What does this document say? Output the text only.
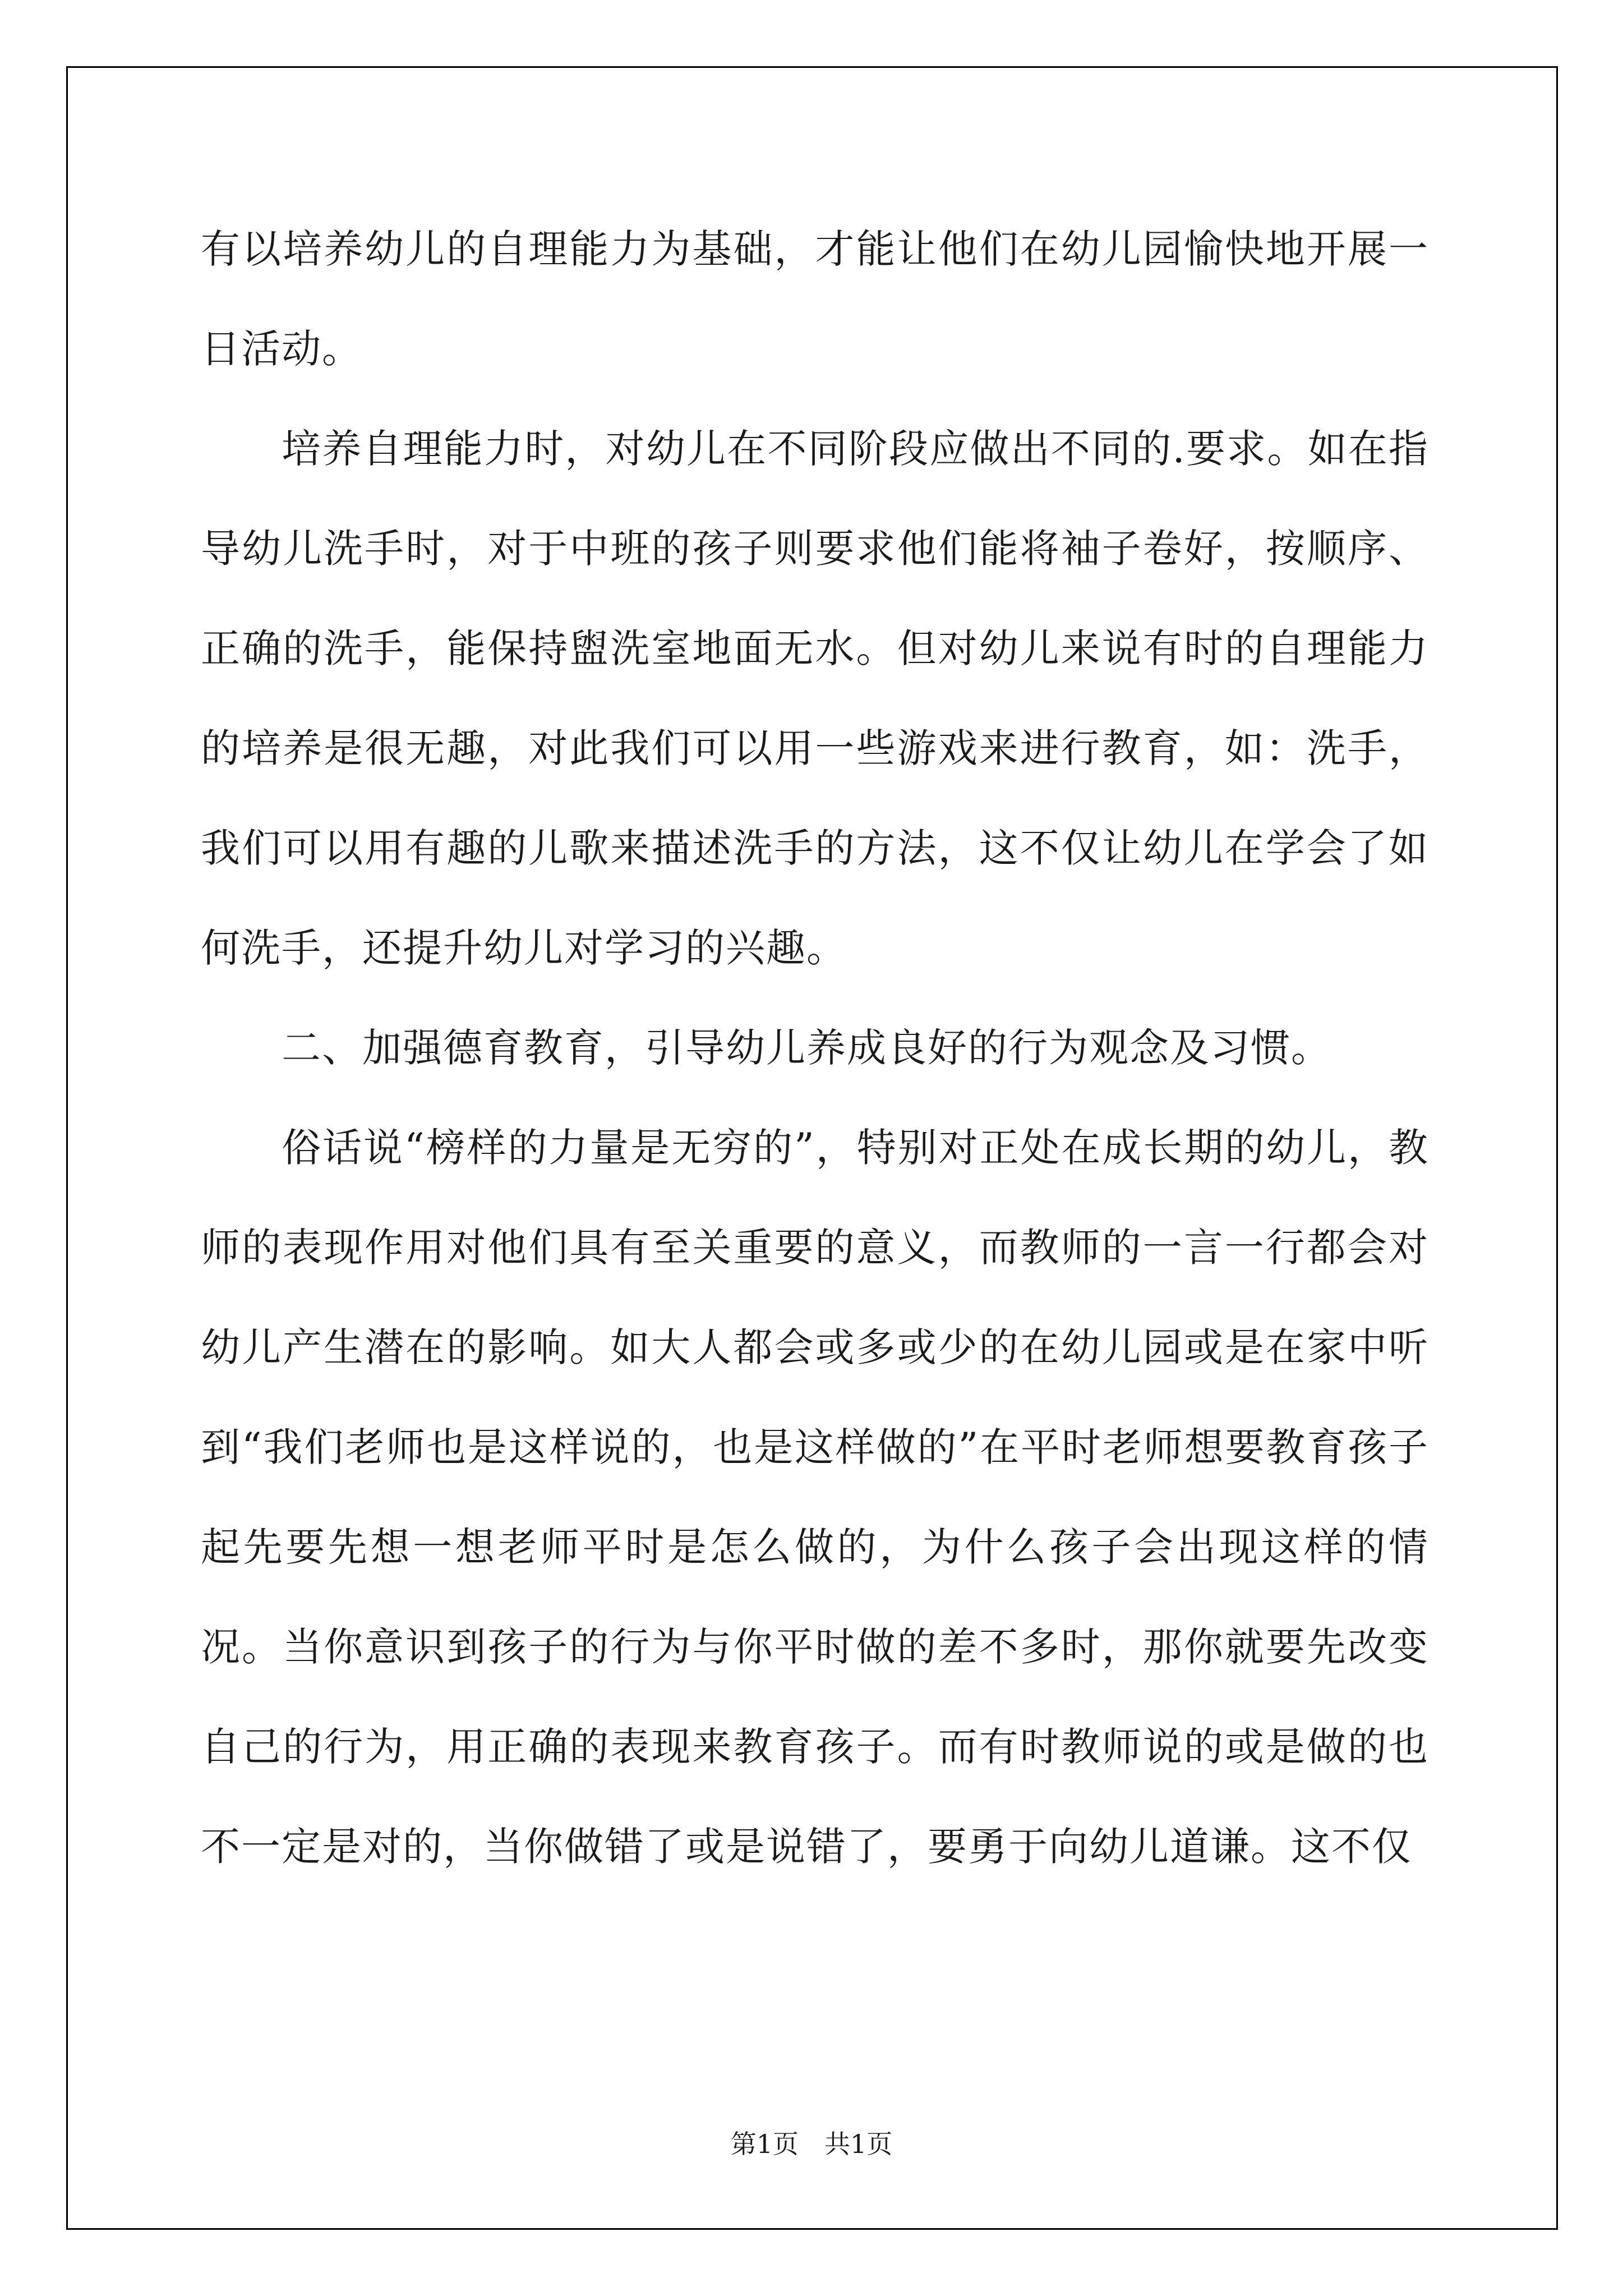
有以培养幼儿的自理能力为基础，才能让他们在幼儿园愉快地开展一日活动。

培养自理能力时，对幼儿在不同阶段应做出不同的.要求。如在指导幼儿洗手时，对于中班的孩子则要求他们能将袖子卷好，按顺序、正确的洗手，能保持盥洗室地面无水。但对幼儿来说有时的自理能力的培养是很无趣，对此我们可以用一些游戏来进行教育，如：洗手，我们可以用有趣的儿歌来描述洗手的方法，这不仅让幼儿在学会了如何洗手，还提升幼儿对学习的兴趣。

二、加强德育教育，引导幼儿养成良好的行为观念及习惯。

俗话说“榜样的力量是无穷的”，特别对正处在成长期的幼儿，教师的表现作用对他们具有至关重要的意义，而教师的一言一行都会对幼儿产生潜在的影响。如大人都会或多或少的在幼儿园或是在家中听到“我们老师也是这样说的，也是这样做的”在平时老师想要教育孩子起先要先想一想老师平时是怎么做的，为什么孩子会出现这样的情况。当你意识到孩子的行为与你平时做的差不多时，那你就要先改变自己的行为，用正确的表现来教育孩子。而有时教师说的或是做的也不一定是对的，当你做错了或是说错了，要勇于向幼儿道谦。这不仅

第1页　共1页
